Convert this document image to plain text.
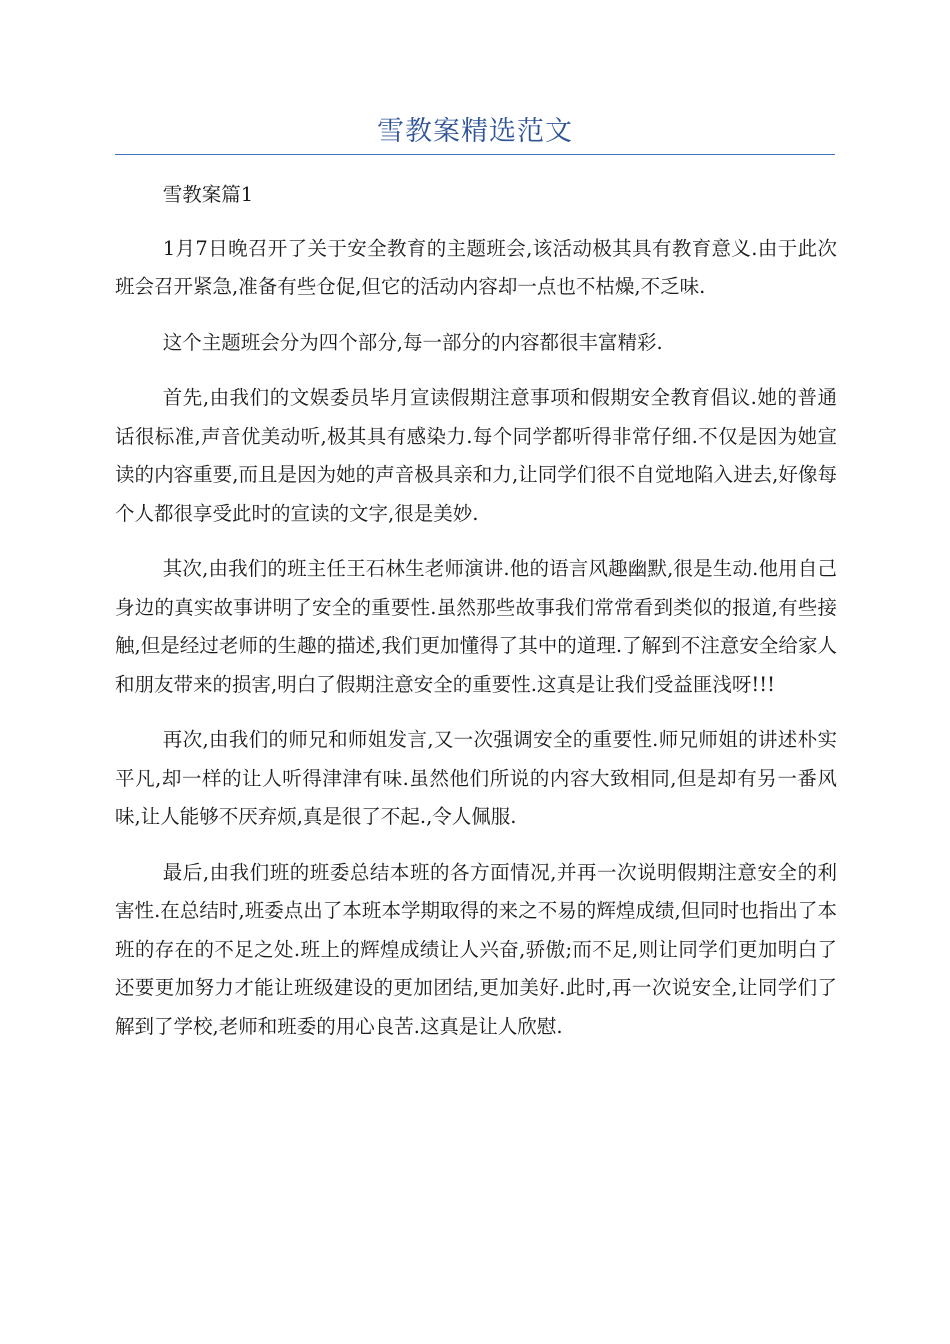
雪教案精选范文

雪教案篇1

1月7日晚召开了关于安全教育的主题班会,该活动极其具有教育意义.由于此次班会召开紧急,准备有些仓促,但它的活动内容却一点也不枯燥,不乏味.

这个主题班会分为四个部分,每一部分的内容都很丰富精彩.

首先,由我们的文娱委员毕月宣读假期注意事项和假期安全教育倡议.她的普通话很标准,声音优美动听,极其具有感染力.每个同学都听得非常仔细.不仅是因为她宣读的内容重要,而且是因为她的声音极具亲和力,让同学们很不自觉地陷入进去,好像每个人都很享受此时的宣读的文字,很是美妙.

其次,由我们的班主任王石林生老师演讲.他的语言风趣幽默,很是生动.他用自己身边的真实故事讲明了安全的重要性.虽然那些故事我们常常看到类似的报道,有些接触,但是经过老师的生趣的描述,我们更加懂得了其中的道理.了解到不注意安全给家人和朋友带来的损害,明白了假期注意安全的重要性.这真是让我们受益匪浅呀!!!

再次,由我们的师兄和师姐发言,又一次强调安全的重要性.师兄师姐的讲述朴实平凡,却一样的让人听得津津有味.虽然他们所说的内容大致相同,但是却有另一番风味,让人能够不厌弃烦,真是很了不起.,令人佩服.

最后,由我们班的班委总结本班的各方面情况,并再一次说明假期注意安全的利害性.在总结时,班委点出了本班本学期取得的来之不易的辉煌成绩,但同时也指出了本班的存在的不足之处.班上的辉煌成绩让人兴奋,骄傲;而不足,则让同学们更加明白了还要更加努力才能让班级建设的更加团结,更加美好.此时,再一次说安全,让同学们了解到了学校,老师和班委的用心良苦.这真是让人欣慰.
